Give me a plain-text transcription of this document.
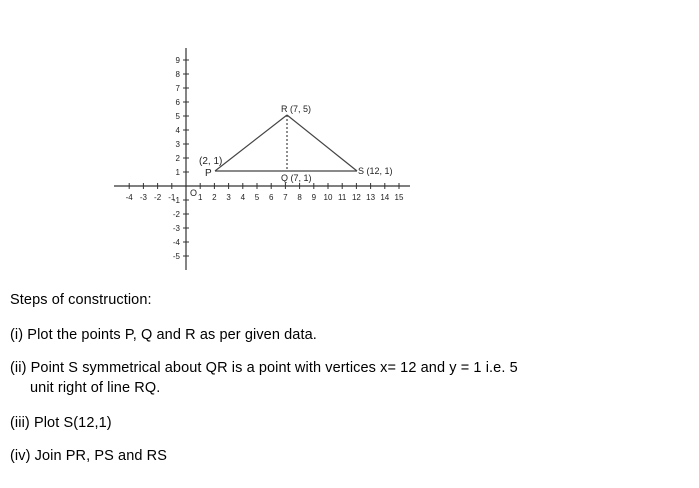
-4 -3 -2 -1	1 2 3 4 5 6 7 8 9 10 11 12 13 14 15
9
8
7
6
5
4
3
2
1
-1
-2
-3
-4
-5
O
(2, 1)
P
R (7, 5)
Q (7, 1)
S (12, 1)
Steps of construction:
(i) Plot the points P, Q and R as per given data.
(ii) Point S symmetrical about QR is a point with vertices x= 12 and y = 1 i.e. 5
unit right of line RQ.
(iii) Plot S(12,1)
(iv) Join PR, PS and RS
